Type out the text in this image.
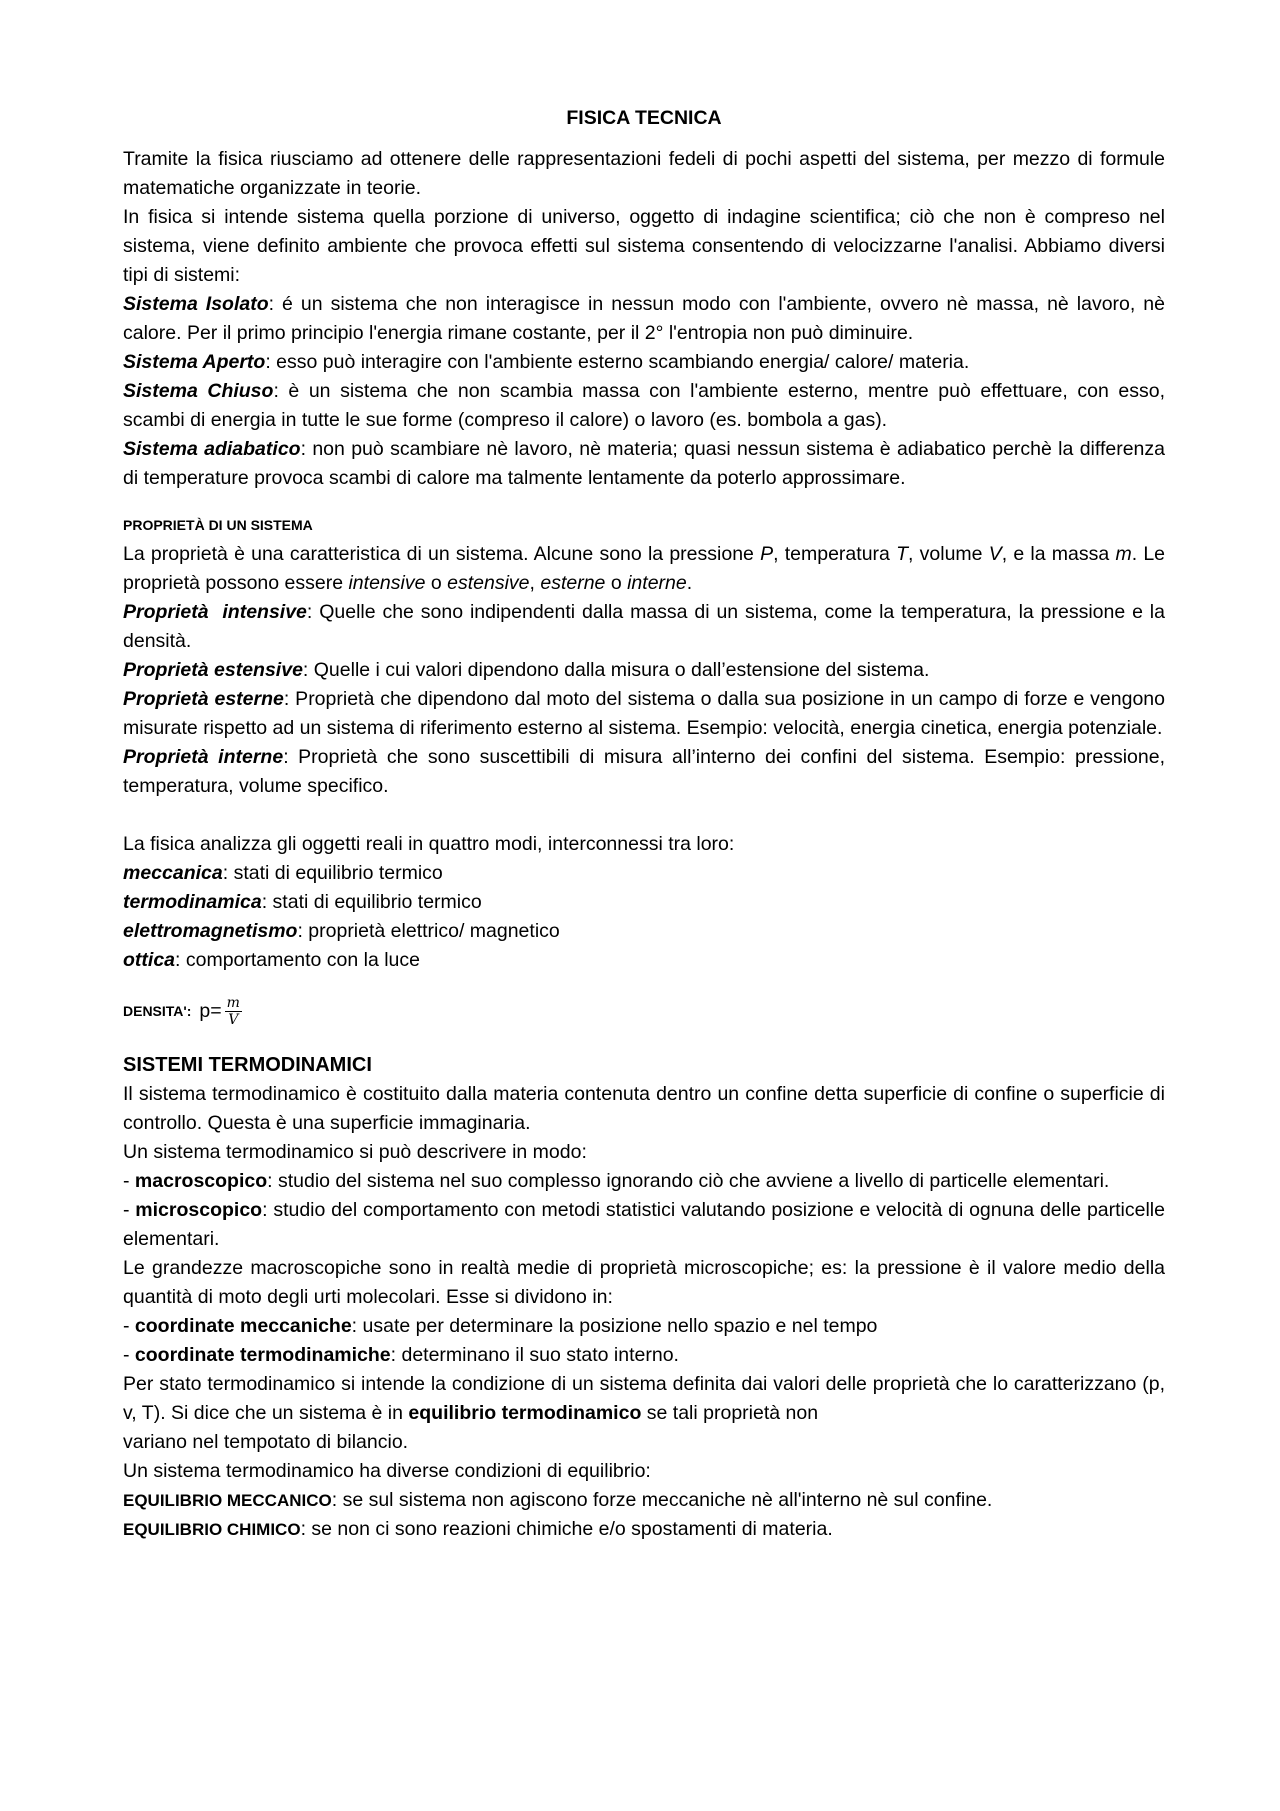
FISICA TECNICA

Tramite la fisica riusciamo ad ottenere delle rappresentazioni fedeli di pochi aspetti del sistema, per mezzo di formule matematiche organizzate in teorie.

In fisica si intende sistema quella porzione di universo, oggetto di indagine scientifica; ciò che non è compreso nel sistema, viene definito ambiente che provoca effetti sul sistema consentendo di velocizzarne l'analisi. Abbiamo diversi tipi di sistemi:

Sistema Isolato: é un sistema che non interagisce in nessun modo con l'ambiente, ovvero nè massa, nè lavoro, nè calore. Per il primo principio l'energia rimane costante, per il 2° l'entropia non può diminuire.

Sistema Aperto: esso può interagire con l'ambiente esterno scambiando energia/ calore/ materia.

Sistema Chiuso: è un sistema che non scambia massa con l'ambiente esterno, mentre può effettuare, con esso, scambi di energia in tutte le sue forme (compreso il calore) o lavoro (es. bombola a gas).

Sistema adiabatico: non può scambiare nè lavoro, nè materia; quasi nessun sistema è adiabatico perchè la differenza di temperature provoca scambi di calore ma talmente lentamente da poterlo approssimare.

PROPRIETÀ DI UN SISTEMA

La proprietà è una caratteristica di un sistema. Alcune sono la pressione P, temperatura T, volume V, e la massa m. Le proprietà possono essere intensive o estensive, esterne o interne.

Proprietà  intensive: Quelle che sono indipendenti dalla massa di un sistema, come la temperatura, la pressione e la densità.

Proprietà estensive: Quelle i cui valori dipendono dalla misura o dall’estensione del sistema.

Proprietà esterne: Proprietà che dipendono dal moto del sistema o dalla sua posizione in un campo di forze e vengono misurate rispetto ad un sistema di riferimento esterno al sistema. Esempio: velocità, energia cinetica, energia potenziale.

Proprietà interne: Proprietà che sono suscettibili di misura all’interno dei confini del sistema. Esempio: pressione, temperatura, volume specifico.

La fisica analizza gli oggetti reali in quattro modi, interconnessi tra loro:

meccanica: stati di equilibrio termico
termodinamica: stati di equilibrio termico
elettromagnetismo: proprietà elettrico/ magnetico
ottica: comportamento con la luce
DENSITA': $p= \frac{m}{V}$
SISTEMI TERMODINAMICI

Il sistema termodinamico è costituito dalla materia contenuta dentro un confine detta superficie di confine o superficie di controllo. Questa è una superficie immaginaria.

Un sistema termodinamico si può descrivere in modo:

- macroscopico: studio del sistema nel suo complesso ignorando ciò che avviene a livello di particelle elementari.

- microscopico: studio del comportamento con metodi statistici valutando posizione e velocità di ognuna delle particelle elementari.

Le grandezze macroscopiche sono in realtà medie di proprietà microscopiche; es: la pressione è il valore medio della quantità di moto degli urti molecolari. Esse si dividono in:

- coordinate meccaniche: usate per determinare la posizione nello spazio e nel tempo
- coordinate termodinamiche: determinano il suo stato interno.

Per stato termodinamico si intende la condizione di un sistema definita dai valori delle proprietà che lo caratterizzano (p, v, T). Si dice che un sistema è in equilibrio termodinamico se tali proprietà non

variano nel tempotato di bilancio.
Un sistema termodinamico ha diverse condizioni di equilibrio:
EQUILIBRIO MECCANICO: se sul sistema non agiscono forze meccaniche nè all'interno nè sul confine.
EQUILIBRIO CHIMICO: se non ci sono reazioni chimiche e/o spostamenti di materia.
